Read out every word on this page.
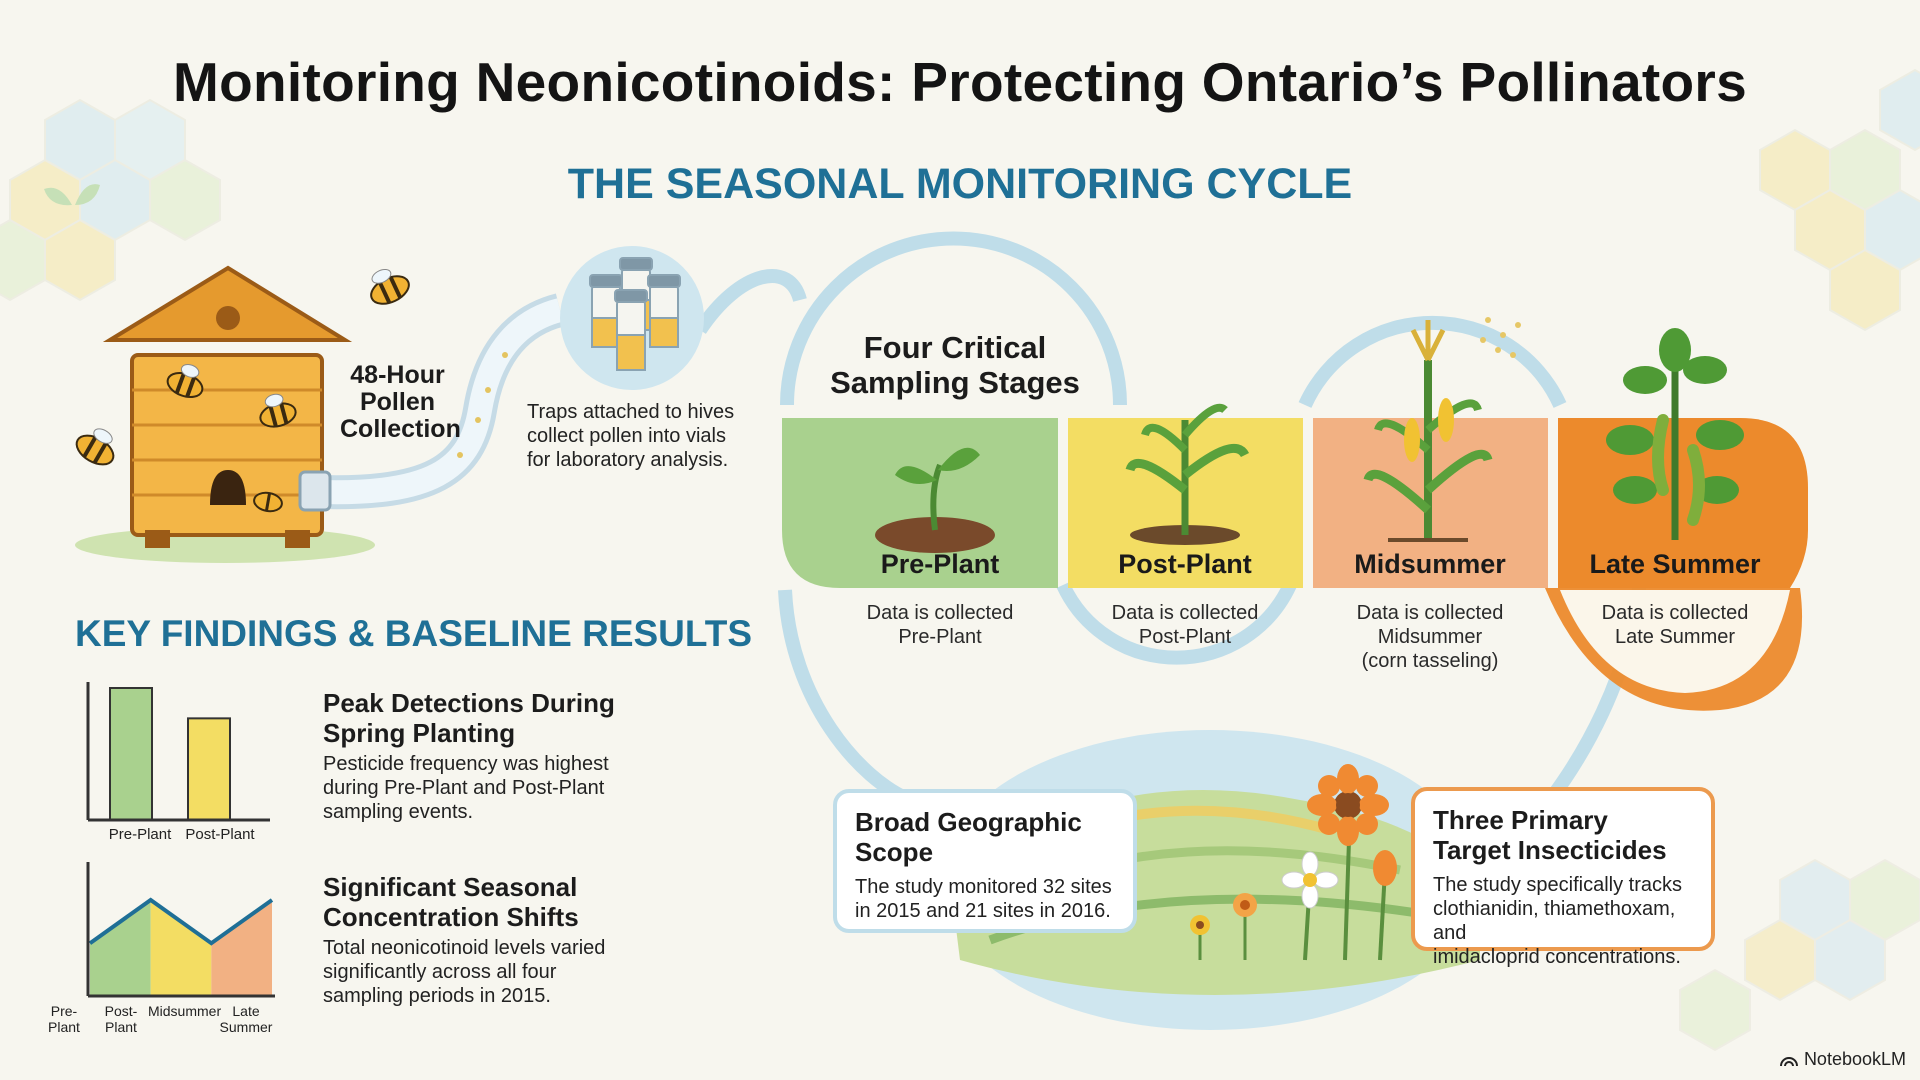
Monitoring Neonicotinoids: Protecting Ontario’s Pollinators
THE SEASONAL MONITORING CYCLE
48-Hour
Pollen
Collection
Traps attached to hives
collect pollen into vials
for laboratory analysis.
Four Critical
Sampling Stages
Pre-Plant	Post-Plant	Midsummer	Late Summer
Data is collected
Pre-Plant
Data is collected
Post-Plant
Data is collected
Midsummer
(corn tasseling)
Data is collected
Late Summer
Broad Geographic
Scope
The study monitored 32 sites
in 2015 and 21 sites in 2016.
Three Primary
Target Insecticides
The study specifically tracks
clothianidin, thiamethoxam, and
imidacloprid concentrations.
KEY FINDINGS & BASELINE RESULTS
Peak Detections During
Spring Planting
Pesticide frequency was highest
during Pre-Plant and Post-Plant
sampling events.
Significant Seasonal
Concentration Shifts
Total neonicotinoid levels varied
significantly across all four
sampling periods in 2015.
Pre-Plant Post-Plant
Pre-
Plant
Post-
Plant
Midsummer Late
Summer
NotebookLM
